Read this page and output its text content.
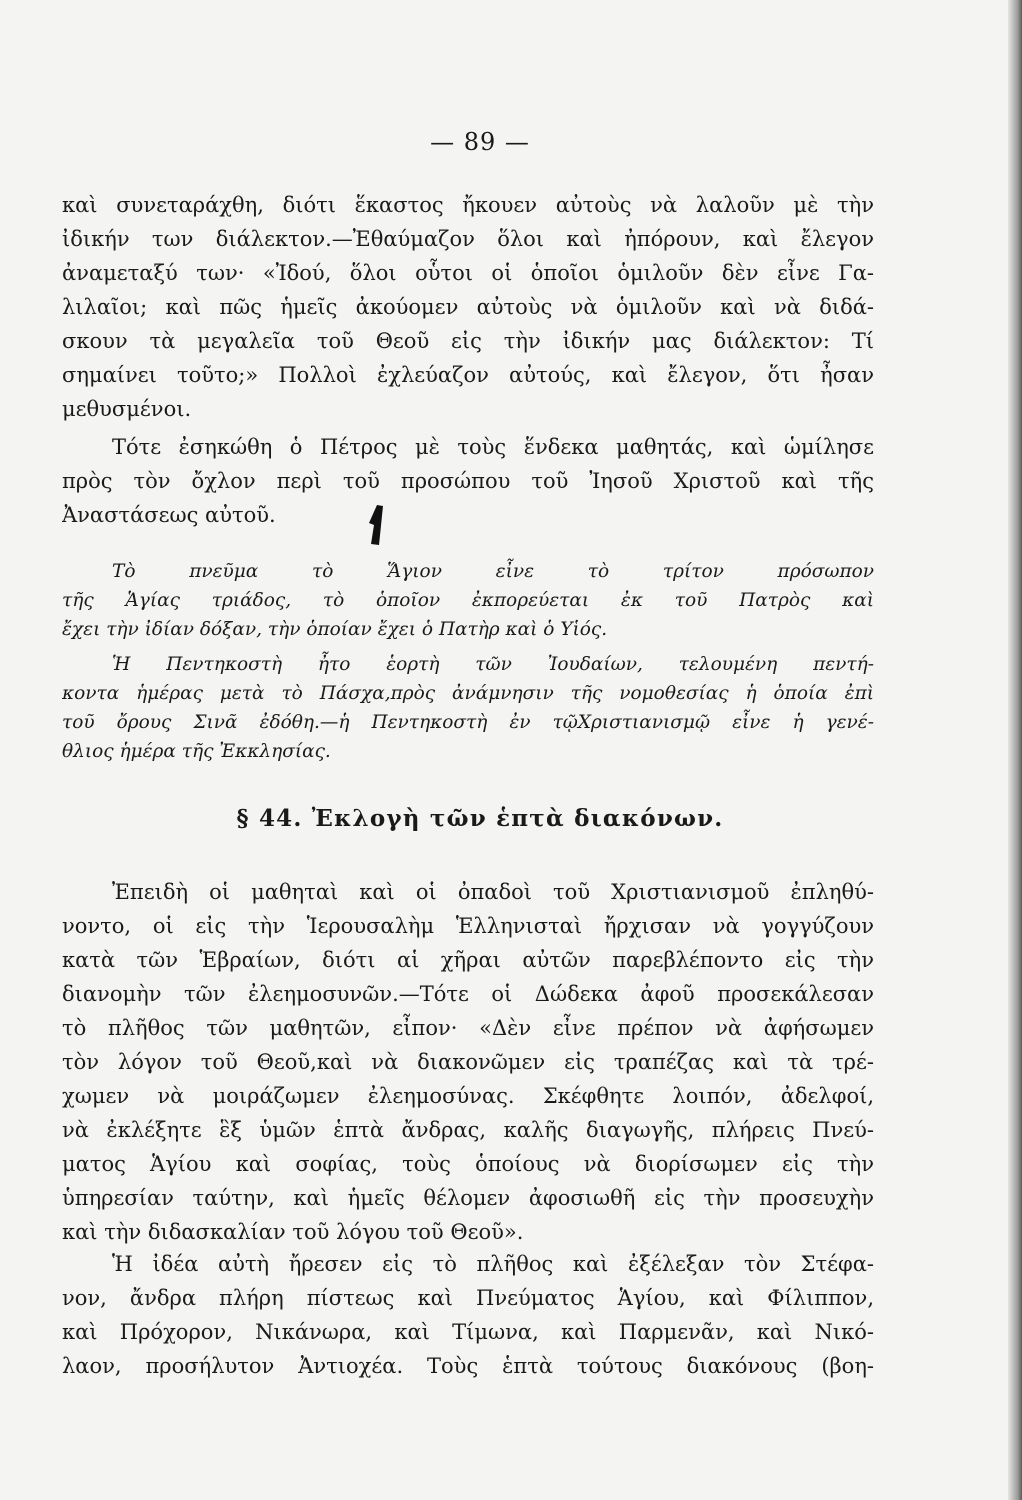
— 89 —
καὶ συνεταράχθη, διότι ἕκαστος ἤκουεν αὐτοὺς νὰ λαλοῦν μὲ τὴν
ἰδικήν των διάλεκτον.—Ἐθαύμαζον ὅλοι καὶ ἠπόρουν, καὶ ἔλεγον
ἀναμεταξύ των· «Ἰδού, ὅλοι οὗτοι οἱ ὁποῖοι ὁμιλοῦν δὲν εἶνε Γα-
λιλαῖοι; καὶ πῶς ἡμεῖς ἀκούομεν αὐτοὺς νὰ ὁμιλοῦν καὶ νὰ διδά-
σκουν τὰ μεγαλεῖα τοῦ Θεοῦ εἰς τὴν ἰδικήν μας διάλεκτον: Τί
σημαίνει τοῦτο;» Πολλοὶ ἐχλεύαζον αὐτούς, καὶ ἔλεγον, ὅτι ἦσαν
μεθυσμένοι.
Τότε ἐσηκώθη ὁ Πέτρος μὲ τοὺς ἕνδεκα μαθητάς, καὶ ὡμίλησε
πρὸς τὸν ὄχλον περὶ τοῦ προσώπου τοῦ Ἰησοῦ Χριστοῦ καὶ τῆς
Ἀναστάσεως αὐτοῦ.
Τὸ πνεῦμα τὸ Ἅγιον εἶνε τὸ τρίτον πρόσωπον
τῆς Ἁγίας τριάδος, τὸ ὁποῖον ἐκπορεύεται ἐκ τοῦ Πατρὸς καὶ
ἔχει τὴν ἰδίαν δόξαν, τὴν ὁποίαν ἔχει ὁ Πατὴρ καὶ ὁ Υἱός.
Ἡ Πεντηκοστὴ ἦτο ἑορτὴ τῶν Ἰουδαίων, τελουμένη πεντή-
κοντα ἡμέρας μετὰ τὸ Πάσχα,πρὸς ἀνάμνησιν τῆς νομοθεσίας ἡ ὁποία ἐπὶ
τοῦ ὄρους Σινᾶ ἐδόθη.—ἡ Πεντηκοστὴ ἐν τῷΧριστιανισμῷ εἶνε ἡ γενέ-
θλιος ἡμέρα τῆς Ἐκκλησίας.
§ 44. Ἐκλογὴ τῶν ἑπτὰ διακόνων.
Ἐπειδὴ οἱ μαθηταὶ καὶ οἱ ὀπαδοὶ τοῦ Χριστιανισμοῦ ἐπληθύ-
νοντο, οἱ εἰς τὴν Ἱερουσαλὴμ Ἑλληνισταὶ ἤρχισαν νὰ γογγύζουν
κατὰ τῶν Ἑβραίων, διότι αἱ χῆραι αὐτῶν παρεβλέποντο εἰς τὴν
διανομὴν τῶν ἐλεημοσυνῶν.—Τότε οἱ Δώδεκα ἀφοῦ προσεκάλεσαν
τὸ πλῆθος τῶν μαθητῶν, εἶπον· «Δὲν εἶνε πρέπον νὰ ἀφήσωμεν
τὸν λόγον τοῦ Θεοῦ,καὶ νὰ διακονῶμεν εἰς τραπέζας καὶ τὰ τρέ-
χωμεν νὰ μοιράζωμεν ἐλεημοσύνας. Σκέφθητε λοιπόν, ἀδελφοί,
νὰ ἐκλέξητε ἓξ ὑμῶν ἑπτὰ ἄνδρας, καλῆς διαγωγῆς, πλήρεις Πνεύ-
ματος Ἁγίου καὶ σοφίας, τοὺς ὁποίους νὰ διορίσωμεν εἰς τὴν
ὑπηρεσίαν ταύτην, καὶ ἡμεῖς θέλομεν ἀφοσιωθῆ εἰς τὴν προσευχὴν
καὶ τὴν διδασκαλίαν τοῦ λόγου τοῦ Θεοῦ».
Ἡ ἰδέα αὐτὴ ἤρεσεν εἰς τὸ πλῆθος καὶ ἐξέλεξαν τὸν Στέφα-
νον, ἄνδρα πλήρη πίστεως καὶ Πνεύματος Ἁγίου, καὶ Φίλιππον,
καὶ Πρόχορον, Νικάνωρα, καὶ Τίμωνα, καὶ Παρμενᾶν, καὶ Νικό-
λαον, προσήλυτον Ἀντιοχέα. Τοὺς ἑπτὰ τούτους διακόνους (βοη-
